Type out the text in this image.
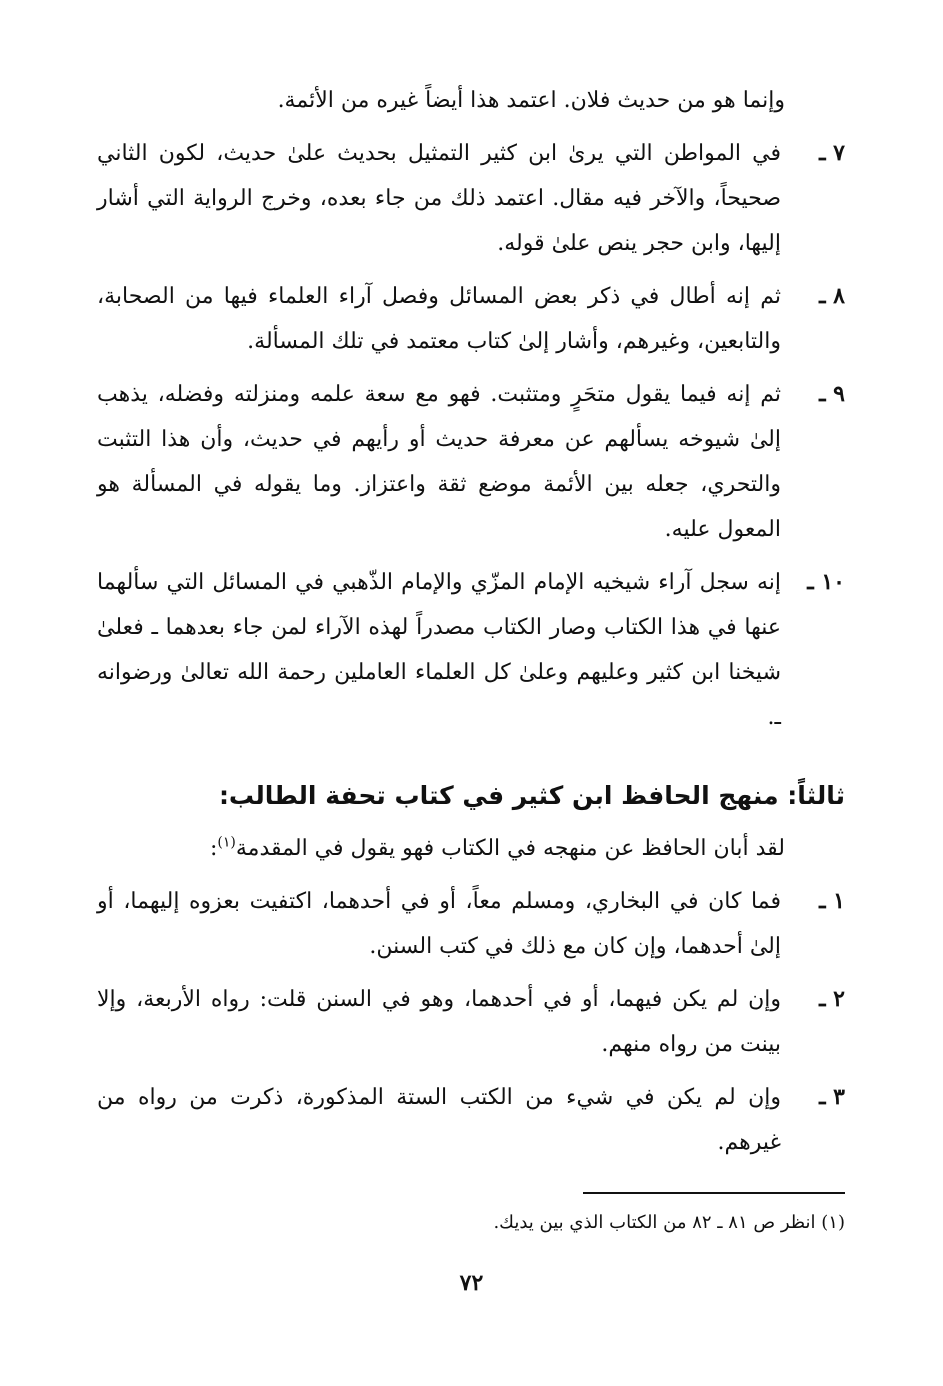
وإنما هو من حديث فلان. اعتمد هذا أيضاً غيره من الأئمة.

٧ ـ
في المواطن التي يرىٰ ابن كثير التمثيل بحديث علىٰ حديث، لكون الثاني صحيحاً، والآخر فيه مقال. اعتمد ذلك من جاء بعده، وخرج الرواية التي أشار إليها، وابن حجر ينص علىٰ قوله.
٨ ـ
ثم إنه أطال في ذكر بعض المسائل وفصل آراء العلماء فيها من الصحابة، والتابعين، وغيرهم، وأشار إلىٰ كتاب معتمد في تلك المسألة.
٩ ـ
ثم إنه فيما يقول متحَرٍ ومتثبت. فهو مع سعة علمه ومنزلته وفضله، يذهب إلىٰ شيوخه يسألهم عن معرفة حديث أو رأيهم في حديث، وأن هذا التثبت والتحري، جعله بين الأئمة موضع ثقة واعتزاز. وما يقوله في المسألة هو المعول عليه.
١٠ ـ
إنه سجل آراء شيخيه الإمام المزّي والإمام الذّهبي في المسائل التي سألهما عنها في هذا الكتاب وصار الكتاب مصدراً لهذه الآراء لمن جاء بعدهما ـ فعلىٰ شيخنا ابن كثير وعليهم وعلىٰ كل العلماء العاملين رحمة الله تعالىٰ ورضوانه ـ.
ثالثاً: منهج الحافظ ابن كثير في كتاب تحفة الطالب:

لقد أبان الحافظ عن منهجه في الكتاب فهو يقول في المقدمة$^{(١)}$:

١ ـ
فما كان في البخاري، ومسلم معاً، أو في أحدهما، اكتفيت بعزوه إليهما، أو إلىٰ أحدهما، وإن كان مع ذلك في كتب السنن.
٢ ـ
وإن لم يكن فيهما، أو في أحدهما، وهو في السنن قلت: رواه الأربعة، وإلا بينت من رواه منهم.
٣ ـ
وإن لم يكن في شيء من الكتب الستة المذكورة، ذكرت من رواه من غيرهم.

(١) انظر ص ٨١ ـ ٨٢ من الكتاب الذي بين يديك.

٧٢
